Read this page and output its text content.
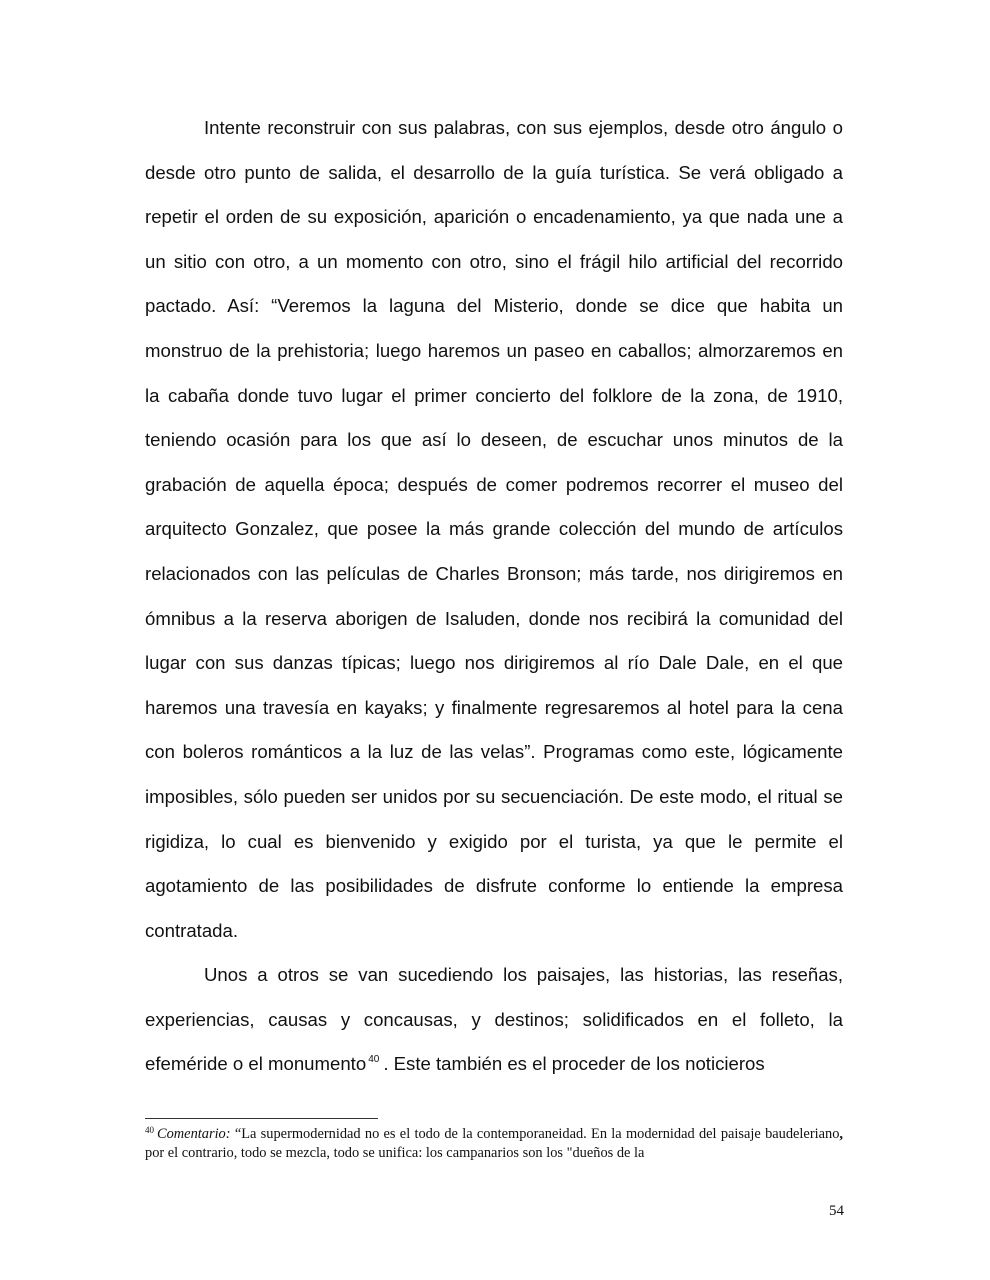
Intente reconstruir con sus palabras, con sus ejemplos, desde otro ángulo o desde otro punto de salida, el desarrollo de la guía turística. Se verá obligado a repetir el orden de su exposición, aparición o encadenamiento, ya que nada une a un sitio con otro, a un momento con otro, sino el frágil hilo artificial del recorrido pactado. Así: “Veremos la laguna del Misterio, donde se dice que habita un monstruo de la prehistoria; luego haremos un paseo en caballos; almorzaremos en la cabaña donde tuvo lugar el primer concierto del folklore de la zona, de 1910, teniendo ocasión para los que así lo deseen, de escuchar unos minutos de la grabación de aquella época; después de comer podremos recorrer el museo del arquitecto Gonzalez, que posee la más grande colección del mundo de artículos relacionados con las películas de Charles Bronson; más tarde, nos dirigiremos en ómnibus a la reserva aborigen de Isaluden, donde nos recibirá la comunidad del lugar con sus danzas típicas; luego nos dirigiremos al río Dale Dale, en el que haremos una travesía en kayaks; y finalmente regresaremos al hotel para la cena con boleros románticos a la luz de las velas”. Programas como este, lógicamente imposibles, sólo pueden ser unidos por su secuenciación. De este modo, el ritual se rigidiza, lo cual es bienvenido y exigido por el turista, ya que le permite el agotamiento de las posibilidades de disfrute conforme lo entiende la empresa contratada.

Unos a otros se van sucediendo los paisajes, las historias, las reseñas, experiencias, causas y concausas, y destinos; solidificados en el folleto, la efeméride o el monumento $^{40}$ . Este también es el proceder de los noticieros

$^{40}$ Comentario: “La supermodernidad no es el todo de la contemporaneidad. En la modernidad del paisaje baudeleriano, por el contrario, todo se mezcla, todo se unifica: los campanarios son los "dueños de la
54
